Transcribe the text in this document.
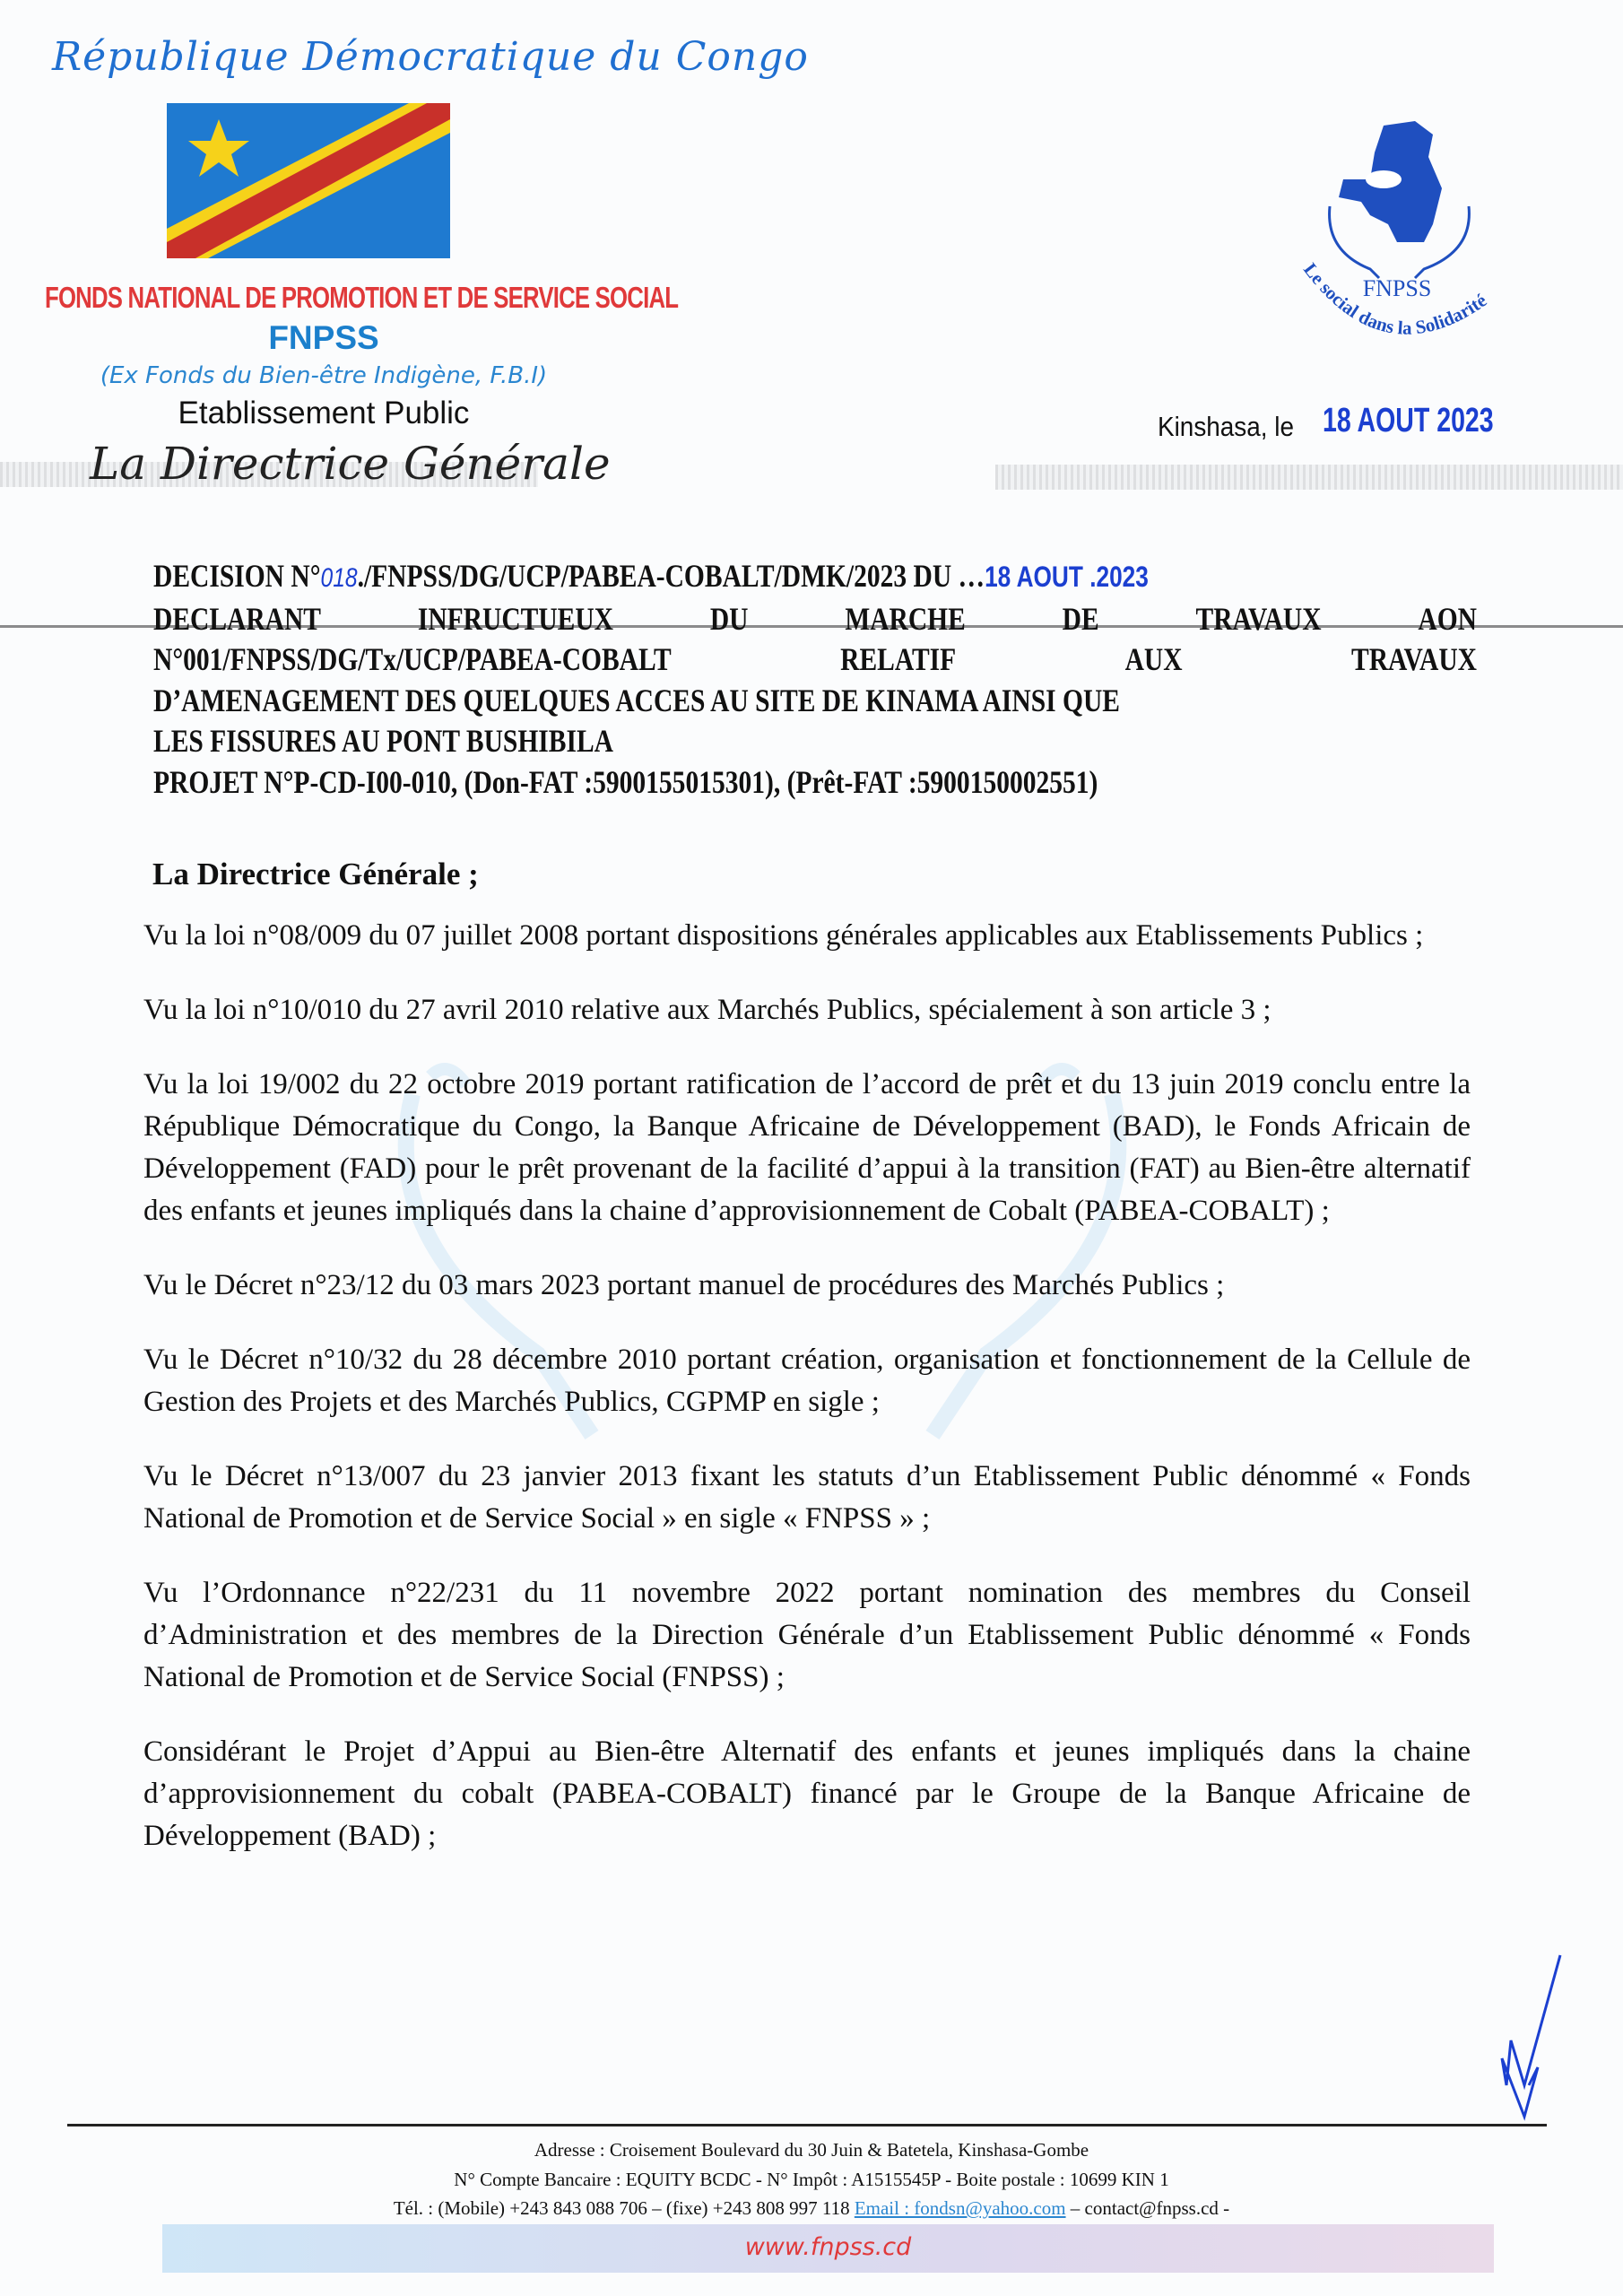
République Démocratique du Congo
FONDS NATIONAL DE PROMOTION ET DE SERVICE SOCIAL
FNPSS
(Ex Fonds du Bien-être Indigène, F.B.I)
Etablissement Public
La Directrice Générale
FNPSS
Le social dans la Solidarité
Kinshasa, le 18 AOUT 2023
DECISION N°018./FNPSS/DG/UCP/PABEA-COBALT/DMK/2023 DU …18 AOUT .2023
DECLARANT	INFRUCTUEUX	DU	MARCHE	DE	TRAVAUX	AON
N°001/FNPSS/DG/Tx/UCP/PABEA-COBALT	RELATIF	AUX	TRAVAUX
D’AMENAGEMENT DES QUELQUES ACCES AU SITE DE KINAMA AINSI QUE
LES FISSURES AU PONT BUSHIBILA
PROJET N°P-CD-I00-010, (Don-FAT :5900155015301), (Prêt-FAT :5900150002551)
La Directrice Générale ;
Vu la loi n°08/009 du 07 juillet 2008 portant dispositions générales applicables aux Etablissements Publics ;
Vu la loi n°10/010 du 27 avril 2010 relative aux Marchés Publics, spécialement à son article 3 ;
Vu la loi 19/002 du 22 octobre 2019 portant ratification de l’accord de prêt et du 13 juin 2019 conclu entre la République Démocratique du Congo, la Banque Africaine de Développement (BAD), le Fonds Africain de Développement (FAD) pour le prêt provenant de la facilité d’appui à la transition (FAT) au Bien-être alternatif des enfants et jeunes impliqués dans la chaine d’approvisionnement de Cobalt (PABEA-COBALT) ;
Vu le Décret n°23/12 du 03 mars 2023 portant manuel de procédures des Marchés Publics ;
Vu le Décret n°10/32 du 28 décembre 2010 portant création, organisation et fonctionnement de la Cellule de Gestion des Projets et des Marchés Publics, CGPMP en sigle ;
Vu le Décret n°13/007 du 23 janvier 2013 fixant les statuts d’un Etablissement Public dénommé « Fonds National de Promotion et de Service Social » en sigle « FNPSS » ;
Vu l’Ordonnance n°22/231 du 11 novembre 2022 portant nomination des membres du Conseil d’Administration et des membres de la Direction Générale d’un Etablissement Public dénommé « Fonds National de Promotion et de Service Social (FNPSS) ;
Considérant le Projet d’Appui au Bien-être Alternatif des enfants et jeunes impliqués dans la chaine d’approvisionnement du cobalt (PABEA-COBALT) financé par le Groupe de la Banque Africaine de Développement (BAD) ;
Adresse : Croisement Boulevard du 30 Juin & Batetela, Kinshasa-Gombe
N° Compte Bancaire : EQUITY BCDC - N° Impôt : A1515545P - Boite postale : 10699 KIN 1
Tél. : (Mobile) +243 843 088 706 – (fixe) +243 808 997 118 Email : fondsn@yahoo.com – contact@fnpss.cd -
www.fnpss.cd
